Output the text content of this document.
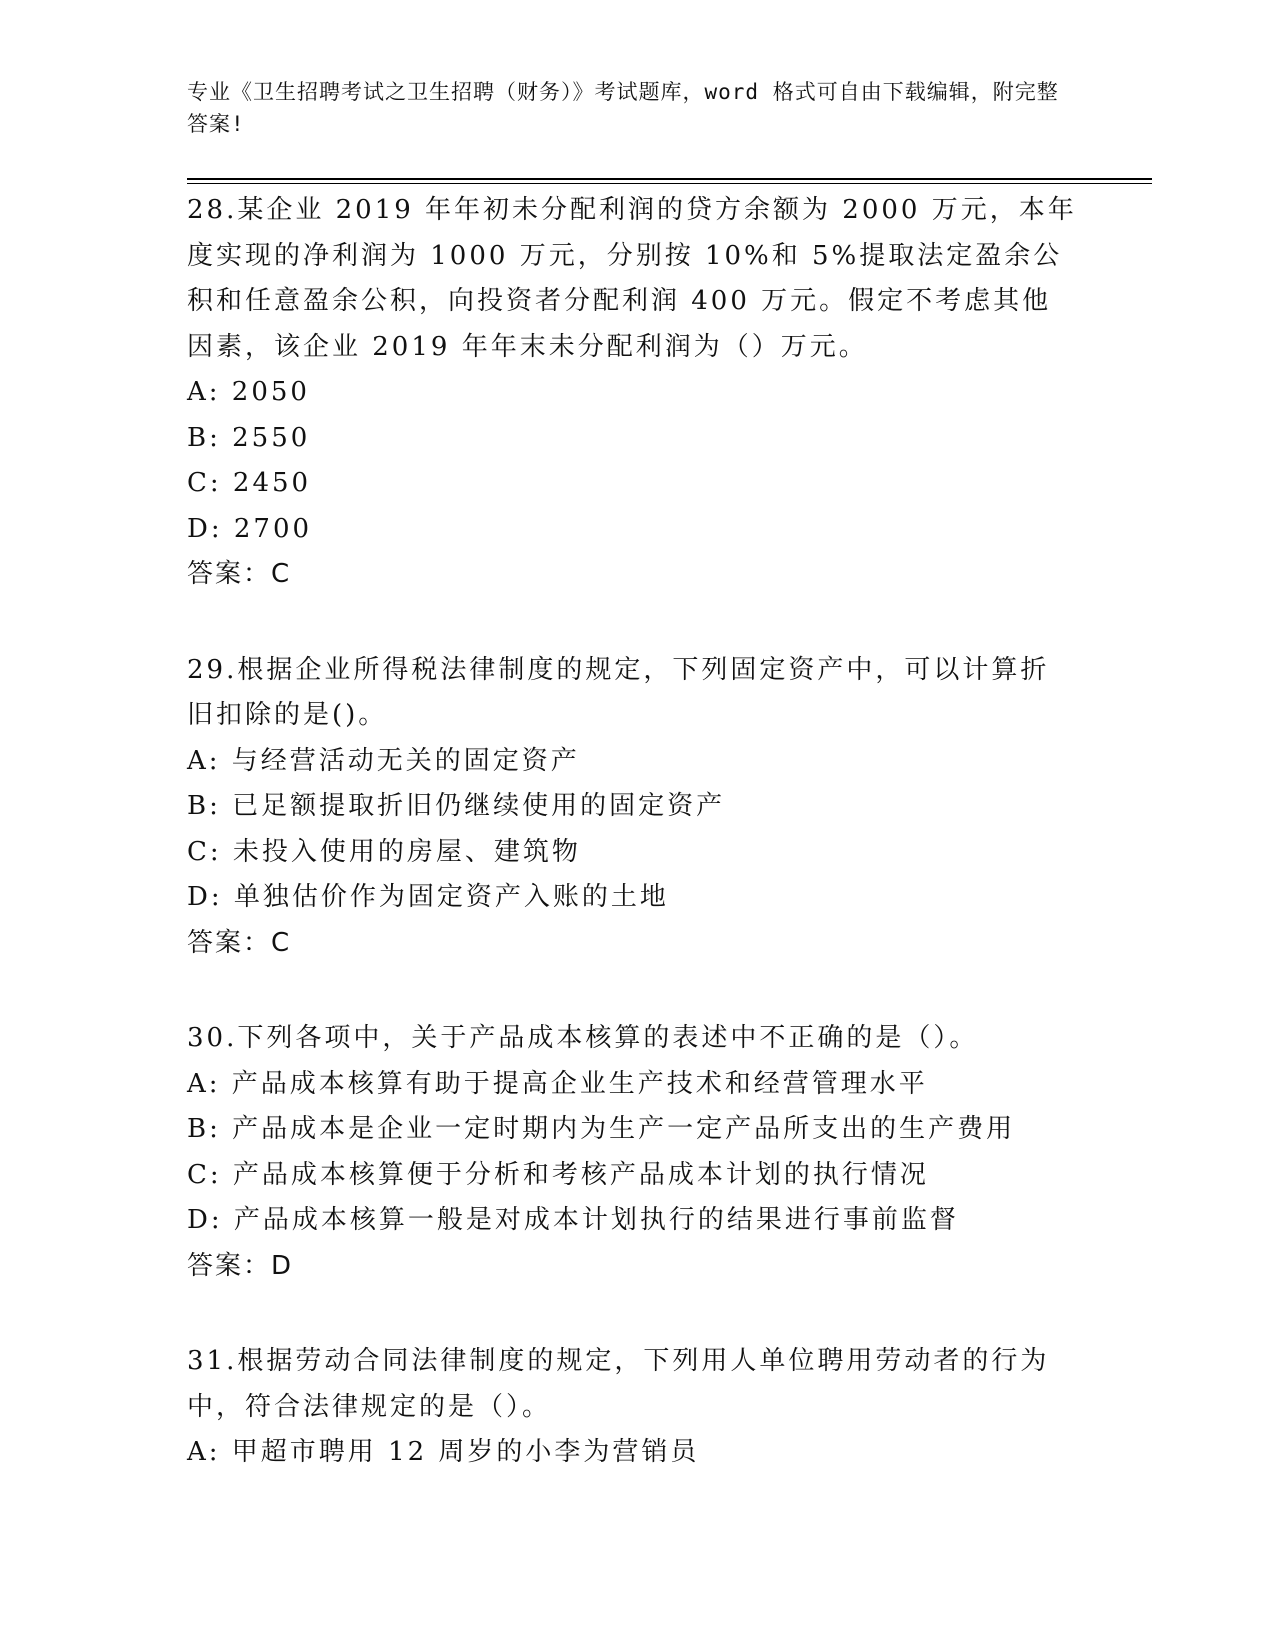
专业《卫生招聘考试之卫生招聘（财务）》考试题库，word 格式可自由下载编辑，附完整答案!
28.某企业 2019 年年初未分配利润的贷方余额为 2000 万元，本年度实现的净利润为 1000 万元，分别按 10%和 5%提取法定盈余公积和任意盈余公积，向投资者分配利润 400 万元。假定不考虑其他因素，该企业 2019 年年末未分配利润为（）万元。
A: 2050
B: 2550
C: 2450
D: 2700
答案：C
29.根据企业所得税法律制度的规定，下列固定资产中，可以计算折旧扣除的是()。
A: 与经营活动无关的固定资产
B: 已足额提取折旧仍继续使用的固定资产
C: 未投入使用的房屋、建筑物
D: 单独估价作为固定资产入账的土地
答案：C
30.下列各项中，关于产品成本核算的表述中不正确的是（）。
A: 产品成本核算有助于提高企业生产技术和经营管理水平
B: 产品成本是企业一定时期内为生产一定产品所支出的生产费用
C: 产品成本核算便于分析和考核产品成本计划的执行情况
D: 产品成本核算一般是对成本计划执行的结果进行事前监督
答案：D
31.根据劳动合同法律制度的规定，下列用人单位聘用劳动者的行为中，符合法律规定的是（）。
A: 甲超市聘用 12 周岁的小李为营销员
